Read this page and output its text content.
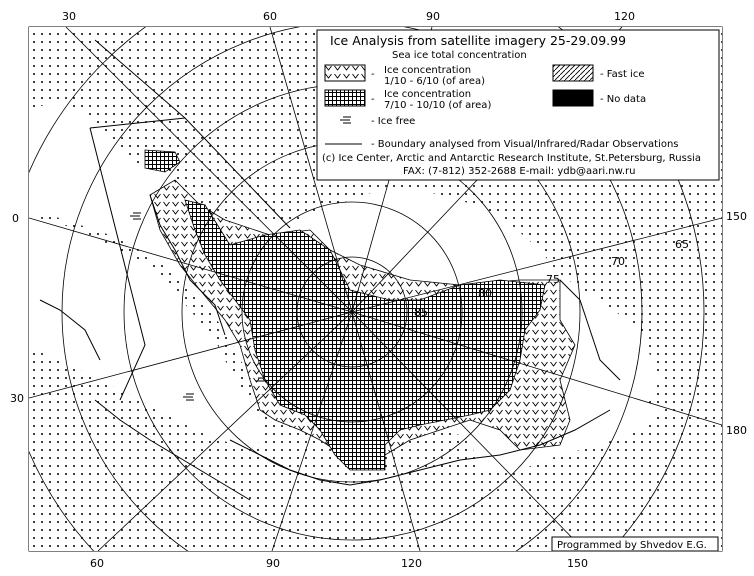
85
80
75
70
65
30	60	90	120
60	90	120	150
0
30
150
180
Ice Analysis from satellite imagery 25-29.09.99
Sea ice total concentration
- Ice concentration
1/10 - 6/10 (of area)
- Fast ice
- Ice concentration
7/10 - 10/10 (of area)
- No data
- Ice free
- Boundary analysed from Visual/Infrared/Radar Observations
(c) Ice Center, Arctic and Antarctic Research Institute, St.Petersburg, Russia
FAX: (7-812) 352-2688 E-mail: ydb@aari.nw.ru
Programmed by Shvedov E.G.
